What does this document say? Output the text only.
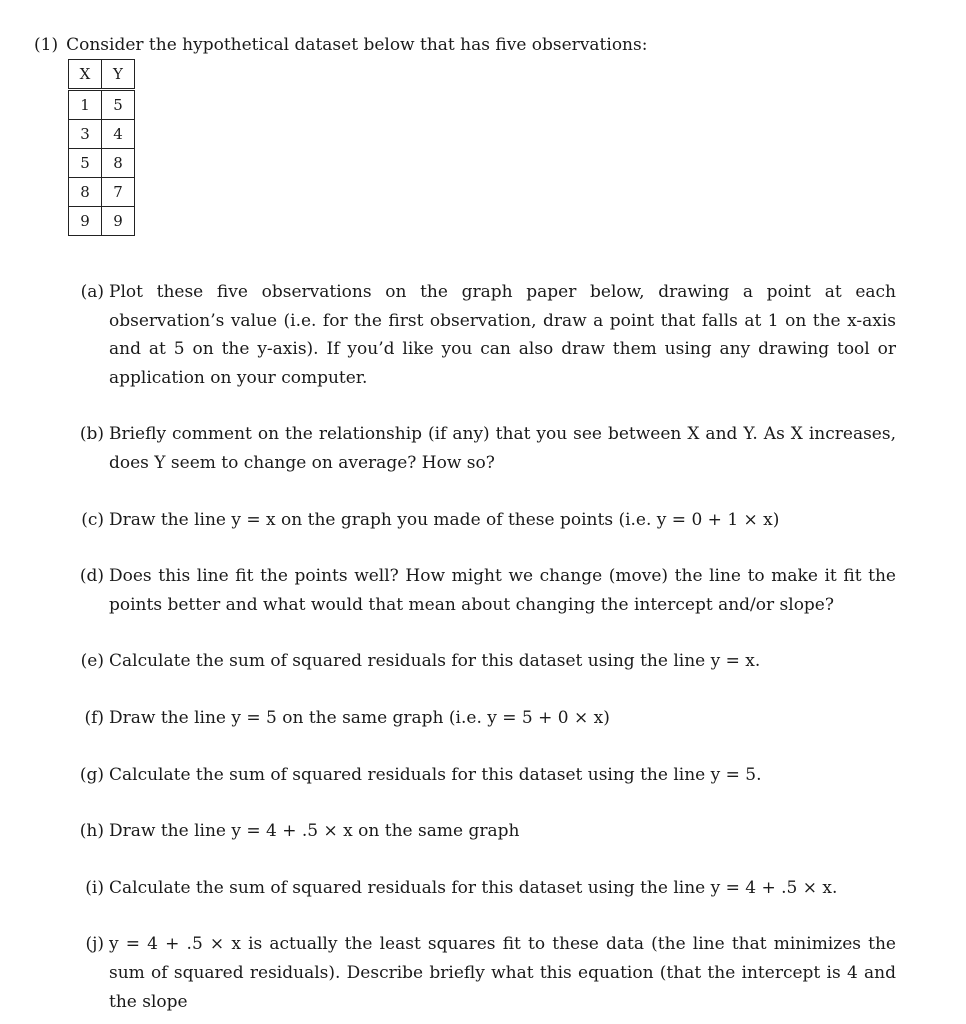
(1) Consider the hypothetical dataset below that has five observations:
X	Y
1	5
3	4
5	8
8	7
9	9

(a) Plot these five observations on the graph paper below, drawing a point at each observation’s value (i.e. for the first observation, draw a point that falls at 1 on the x-axis and at 5 on the y-axis). If you’d like you can also draw them using any drawing tool or application on your computer.

(b) Briefly comment on the relationship (if any) that you see between X and Y. As X increases, does Y seem to change on average? How so?

(c) Draw the line y = x on the graph you made of these points (i.e. y = 0 + 1 × x)

(d) Does this line fit the points well? How might we change (move) the line to make it fit the points better and what would that mean about changing the intercept and/or slope?

(e) Calculate the sum of squared residuals for this dataset using the line y = x.

(f) Draw the line y = 5 on the same graph (i.e. y = 5 + 0 × x)

(g) Calculate the sum of squared residuals for this dataset using the line y = 5.

(h) Draw the line y = 4 + .5 × x on the same graph

(i) Calculate the sum of squared residuals for this dataset using the line y = 4 + .5 × x.

(j) y = 4 + .5 × x is actually the least squares fit to these data (the line that minimizes the sum of squared residuals). Describe briefly what this equation (that the intercept is 4 and the slope
